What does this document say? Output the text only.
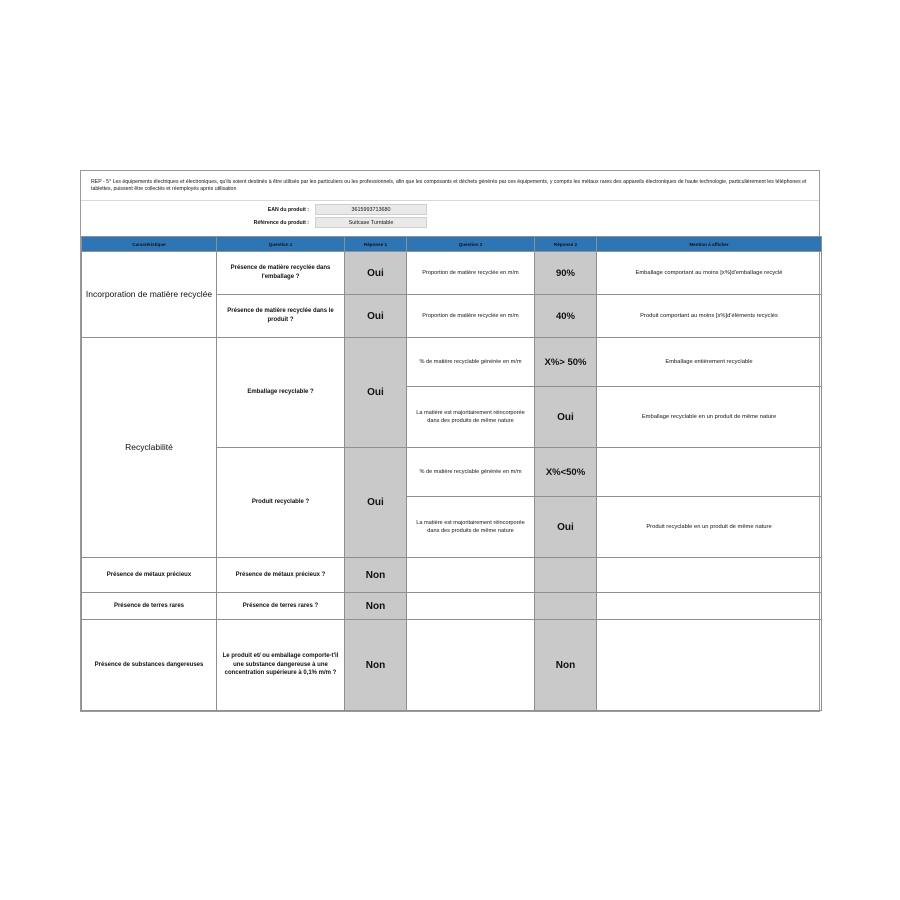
REP - 5° Les équipements électriques et électroniques, qu'ils soient destinés à être utilisés par les particuliers ou les professionnels, afin que les composants et déchets générés par ces équipements, y compris les métaux rares des appareils électroniques de haute technologie, particulièrement les téléphones et tablettes, puissent être collectés et réemployés après utilisation
EAN du produit :	3615993713680
Référence du produit :	Suitcase Turntable
Caractéristique	Question 1	Réponse 1	Question 2	Réponse 2	Mention à afficher
Incorporation de matière recyclée	Présence de matière recyclée dans l'emballage ?	Oui	Proportion de matière recyclée en m/m	90%	Emballage comportant au moins [x%]d'emballage recyclé
	Présence de matière recyclée dans le produit ?	Oui	Proportion de matière recyclée en m/m	40%	Produit comportant au moins [x%]d'éléments recyclés
Recyclabilité	Emballage recyclable ?	Oui	% de matière recyclable générée en m/m	X%> 50%	Emballage entièrement recyclable
			La matière est majoritairement réincorporée dans des produits de même nature	Oui	Emballage recyclable en un produit de même nature
	Produit recyclable ?	Oui	% de matière recyclable générée en m/m	X%<50%	
			La matière est majoritairement réincorporée dans des produits de même nature	Oui	Produit recyclable en un produit de même nature
Présence de métaux précieux	Présence de métaux précieux ?	Non			
Présence de terres rares	Présence de terres rares ?	Non			
Présence de substances dangereuses	Le produit et/ ou emballage comporte-t'il une substance dangereuse à une concentration supérieure à 0,1% m/m ?	Non		Non	
